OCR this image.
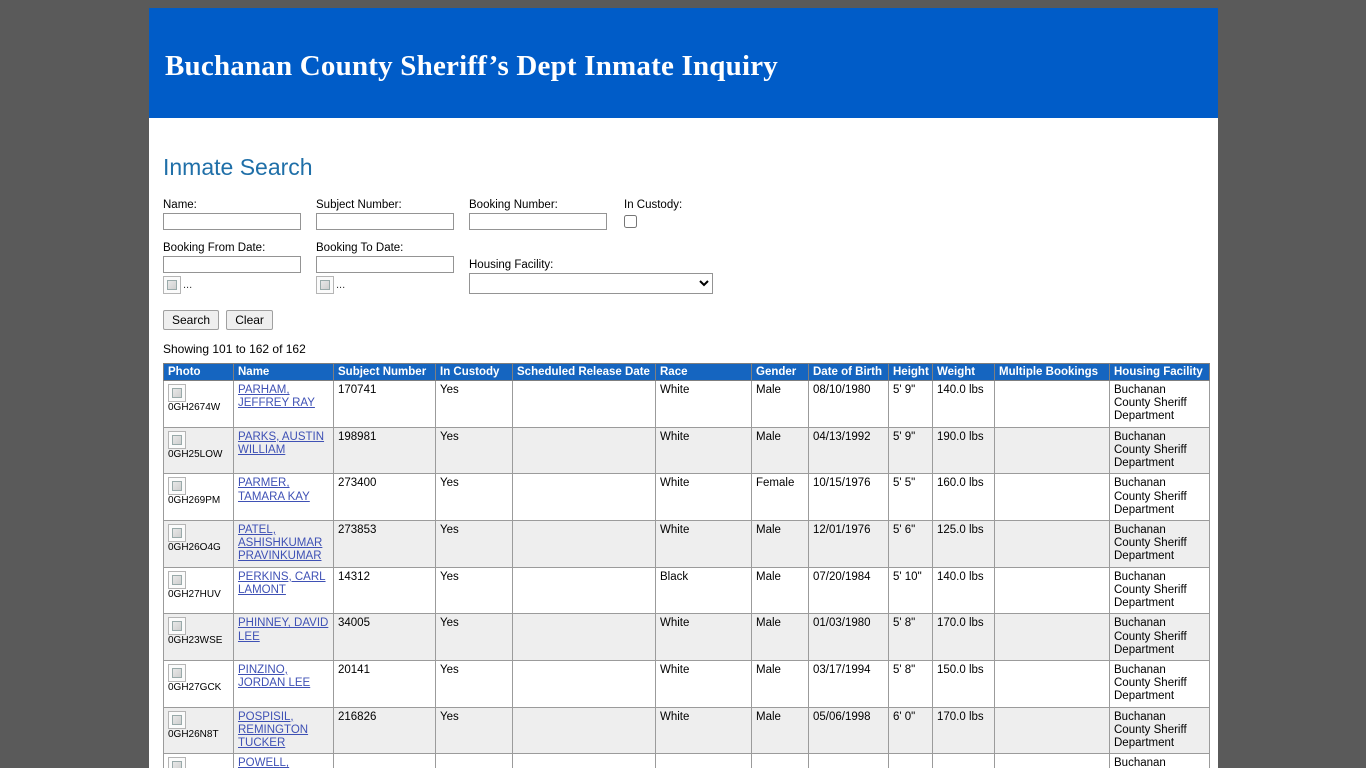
Buchanan County Sheriff’s Dept Inmate Inquiry
Inmate Search
Name:	Subject Number:	Booking Number:	In Custody:
Booking From Date:
...
Booking To Date:
...
Housing Facility:
Search Clear
Showing 101 to 162 of 162
Photo	Name	Subject Number	In Custody	Scheduled Release Date	Race	Gender	Date of Birth	Height	Weight	Multiple Bookings	Housing Facility

0GH2674W	PARHAM, JEFFREY RAY	170741	Yes		White	Male	08/10/1980	5' 9"	140.0 lbs		Buchanan County Sheriff Department

0GH25LOW	PARKS, AUSTIN WILLIAM	198981	Yes		White	Male	04/13/1992	5' 9"	190.0 lbs		Buchanan County Sheriff Department

0GH269PM	PARMER, TAMARA KAY	273400	Yes		White	Female	10/15/1976	5' 5"	160.0 lbs		Buchanan County Sheriff Department

0GH26O4G	PATEL, ASHISHKUMAR PRAVINKUMAR	273853	Yes		White	Male	12/01/1976	5' 6"	125.0 lbs		Buchanan County Sheriff Department

0GH27HUV	PERKINS, CARL LAMONT	14312	Yes		Black	Male	07/20/1984	5' 10"	140.0 lbs		Buchanan County Sheriff Department

0GH23WSE	PHINNEY, DAVID LEE	34005	Yes		White	Male	01/03/1980	5' 8"	170.0 lbs		Buchanan County Sheriff Department

0GH27GCK	PINZINO, JORDAN LEE	20141	Yes		White	Male	03/17/1994	5' 8"	150.0 lbs		Buchanan County Sheriff Department

0GH26N8T	POSPISIL, REMINGTON TUCKER	216826	Yes		White	Male	05/06/1998	6' 0"	170.0 lbs		Buchanan County Sheriff Department

	POWELL,										Buchanan
